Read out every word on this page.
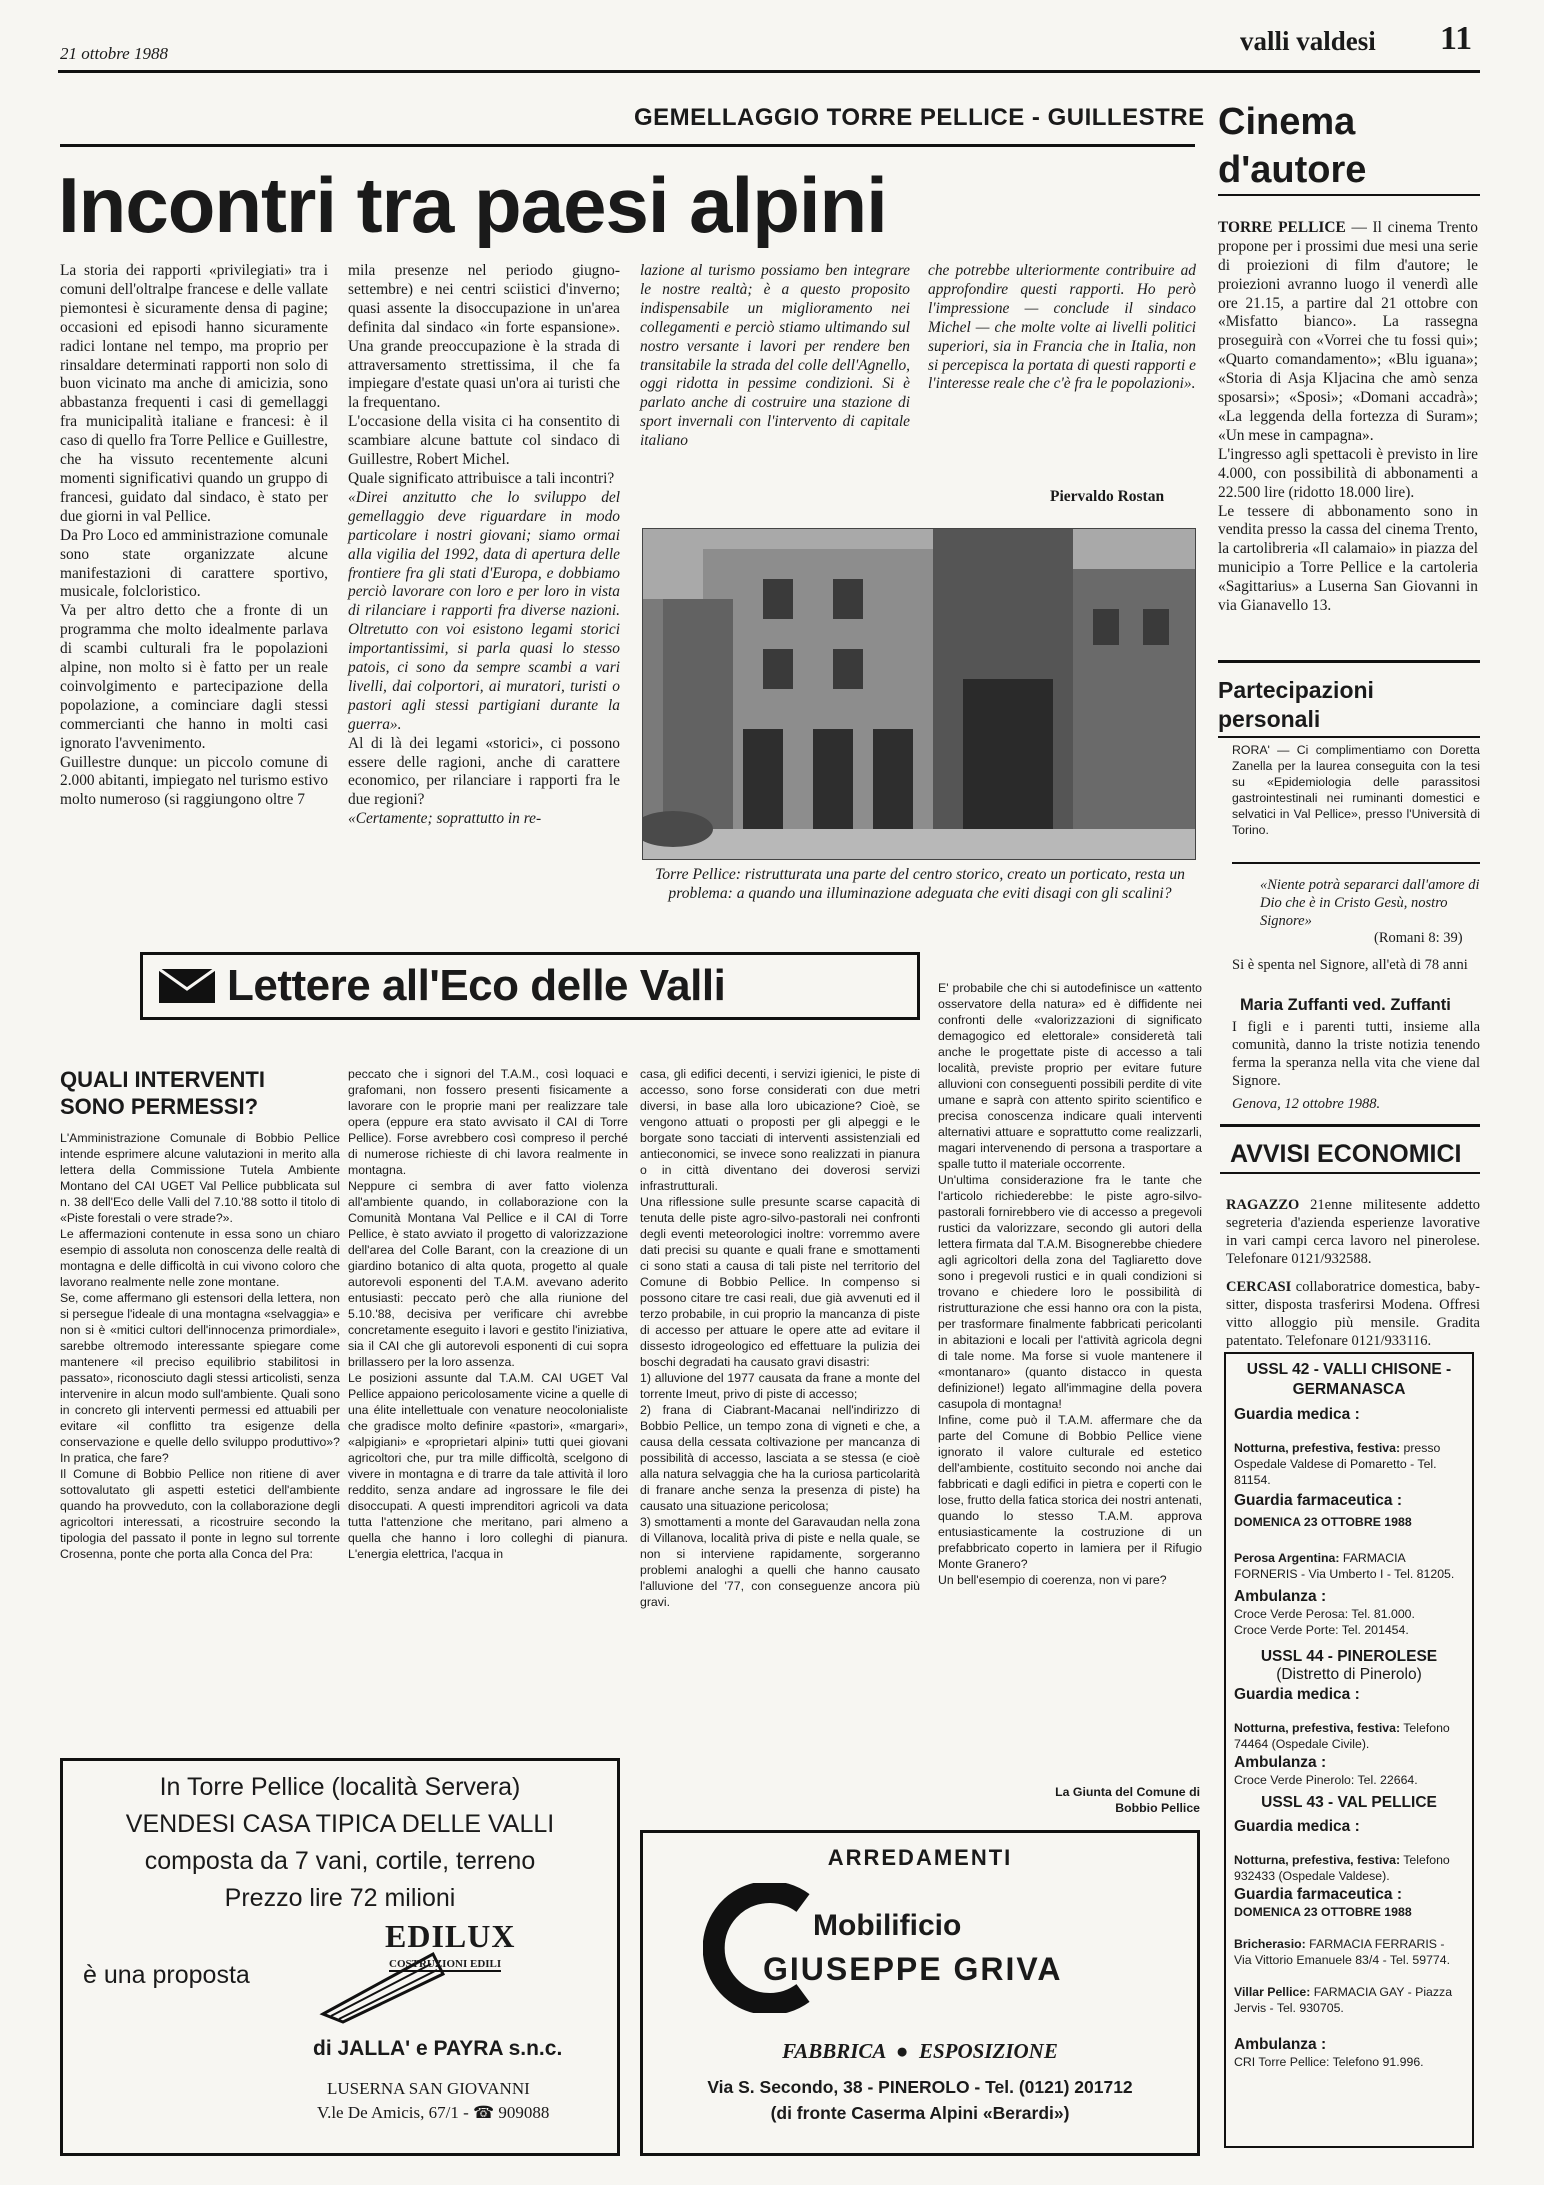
21 ottobre 1988	valli valdesi 11
GEMELLAGGIO TORRE PELLICE - GUILLESTRE
Incontri tra paesi alpini

La storia dei rapporti «privilegiati» tra i comuni dell'oltralpe francese e delle vallate piemontesi è sicuramente densa di pagine; occasioni ed episodi hanno sicuramente radici lontane nel tempo, ma proprio per rinsaldare determinati rapporti non solo di buon vicinato ma anche di amicizia, sono abbastanza frequenti i casi di gemellaggi fra municipalità italiane e francesi: è il caso di quello fra Torre Pellice e Guillestre, che ha vissuto recentemente alcuni momenti significativi quando un gruppo di francesi, guidato dal sindaco, è stato per due giorni in val Pellice.
Da Pro Loco ed amministrazione comunale sono state organizzate alcune manifestazioni di carattere sportivo, musicale, folcloristico.
Va per altro detto che a fronte di un programma che molto idealmente parlava di scambi culturali fra le popolazioni alpine, non molto si è fatto per un reale coinvolgimento e partecipazione della popolazione, a cominciare dagli stessi commercianti che hanno in molti casi ignorato l'avvenimento.
Guillestre dunque: un piccolo comune di 2.000 abitanti, impiegato nel turismo estivo molto numeroso (si raggiungono oltre 7

mila presenze nel periodo giugno-settembre) e nei centri sciistici d'inverno; quasi assente la disoccupazione in un'area definita dal sindaco «in forte espansione». Una grande preoccupazione è la strada di attraversamento strettissima, il che fa impiegare d'estate quasi un'ora ai turisti che la frequentano.
L'occasione della visita ci ha consentito di scambiare alcune battute col sindaco di Guillestre, Robert Michel.
Quale significato attribuisce a tali incontri?

«Direi anzitutto che lo sviluppo del gemellaggio deve riguardare in modo particolare i nostri giovani; siamo ormai alla vigilia del 1992, data di apertura delle frontiere fra gli stati d'Europa, e dobbiamo perciò lavorare con loro e per loro in vista di rilanciare i rapporti fra diverse nazioni. Oltretutto con voi esistono legami storici importantissimi, si parla quasi lo stesso patois, ci sono da sempre scambi a vari livelli, dai colportori, ai muratori, turisti o pastori agli stessi partigiani durante la guerra».

Al di là dei legami «storici», ci possono essere delle ragioni, anche di carattere economico, per rilanciare i rapporti fra le due regioni?

«Certamente; soprattutto in re-

lazione al turismo possiamo ben integrare le nostre realtà; è a questo proposito indispensabile un miglioramento nei collegamenti e perciò stiamo ultimando sul nostro versante i lavori per rendere ben transitabile la strada del colle dell'Agnello, oggi ridotta in pessime condizioni. Si è parlato anche di costruire una stazione di sport invernali con l'intervento di capitale italiano

che potrebbe ulteriormente contribuire ad approfondire questi rapporti. Ho però l'impressione — conclude il sindaco Michel — che molte volte ai livelli politici superiori, sia in Francia che in Italia, non si percepisca la portata di questi rapporti e l'interesse reale che c'è fra le popolazioni».

Piervaldo Rostan

Torre Pellice: ristrutturata una parte del centro storico, creato un porticato, resta un problema: a quando una illuminazione adeguata che eviti disagi con gli scalini?

Cinema d'autore

TORRE PELLICE — Il cinema Trento propone per i prossimi due mesi una serie di proiezioni di film d'autore; le proiezioni avranno luogo il venerdì alle ore 21.15, a partire dal 21 ottobre con «Misfatto bianco». La rassegna proseguirà con «Vorrei che tu fossi qui»; «Quarto comandamento»; «Blu iguana»; «Storia di Asja Kljacina che amò senza sposarsi»; «Sposi»; «Domani accadrà»; «La leggenda della fortezza di Suram»; «Un mese in campagna».
L'ingresso agli spettacoli è previsto in lire 4.000, con possibilità di abbonamenti a 22.500 lire (ridotto 18.000 lire).
Le tessere di abbonamento sono in vendita presso la cassa del cinema Trento, la cartolibreria «Il calamaio» in piazza del municipio a Torre Pellice e la cartoleria «Sagittarius» a Luserna San Giovanni in via Gianavello 13.

Partecipazioni personali

RORA' — Ci complimentiamo con Doretta Zanella per la laurea conseguita con la tesi su «Epidemiologia delle parassitosi gastrointestinali nei ruminanti domestici e selvatici in Val Pellice», presso l'Università di Torino.

«Niente potrà separarci dall'amore di Dio che è in Cristo Gesù, nostro Signore»

(Romani 8: 39)

Si è spenta nel Signore, all'età di 78 anni

Maria Zuffanti ved. Zuffanti

I figli e i parenti tutti, insieme alla comunità, danno la triste notizia tenendo ferma la speranza nella vita che viene dal Signore.

Genova, 12 ottobre 1988.
AVVISI ECONOMICI

RAGAZZO 21enne militesente addetto segreteria d'azienda esperienze lavorative in vari campi cerca lavoro nel pinerolese. Telefonare 0121/932588.

CERCASI collaboratrice domestica, baby-sitter, disposta trasferirsi Modena. Offresi vitto alloggio più mensile. Gradita patentato. Telefonare 0121/933116.

USSL 42 - VALLI CHISONE - GERMANASCA
Guardia medica :

Notturna, prefestiva, festiva: presso Ospedale Valdese di Pomaretto - Tel. 81154.

Guardia farmaceutica :
DOMENICA 23 OTTOBRE 1988

Perosa Argentina: FARMACIA FORNERIS - Via Umberto I - Tel. 81205.

Ambulanza :
Croce Verde Perosa: Tel. 81.000.
Croce Verde Porte: Tel. 201454.
USSL 44 - PINEROLESE
(Distretto di Pinerolo)
Guardia medica :

Notturna, prefestiva, festiva: Telefono 74464 (Ospedale Civile).

Ambulanza :
Croce Verde Pinerolo: Tel. 22664.
USSL 43 - VAL PELLICE
Guardia medica :

Notturna, prefestiva, festiva: Telefono 932433 (Ospedale Valdese).

Guardia farmaceutica :
DOMENICA 23 OTTOBRE 1988

Bricherasio: FARMACIA FERRARIS - Via Vittorio Emanuele 83/4 - Tel. 59774.

Villar Pellice: FARMACIA GAY - Piazza Jervis - Tel. 930705.

Ambulanza :
CRI Torre Pellice: Telefono 91.996.
Lettere all'Eco delle Valli
QUALI INTERVENTI SONO PERMESSI?

L'Amministrazione Comunale di Bobbio Pellice intende esprimere alcune valutazioni in merito alla lettera della Commissione Tutela Ambiente Montano del CAI UGET Val Pellice pubblicata sul n. 38 dell'Eco delle Valli del 7.10.'88 sotto il titolo di «Piste forestali o vere strade?».
Le affermazioni contenute in essa sono un chiaro esempio di assoluta non conoscenza delle realtà di montagna e delle difficoltà in cui vivono coloro che lavorano realmente nelle zone montane.
Se, come affermano gli estensori della lettera, non si persegue l'ideale di una montagna «selvaggia» e non si è «mitici cultori dell'innocenza primordiale», sarebbe oltremodo interessante spiegare come mantenere «il preciso equilibrio stabilitosi in passato», riconosciuto dagli stessi articolisti, senza intervenire in alcun modo sull'ambiente. Quali sono in concreto gli interventi permessi ed attuabili per evitare «il conflitto tra esigenze della conservazione e quelle dello sviluppo produttivo»? In pratica, che fare?
Il Comune di Bobbio Pellice non ritiene di aver sottovalutato gli aspetti estetici dell'ambiente quando ha provveduto, con la collaborazione degli agricoltori interessati, a ricostruire secondo la tipologia del passato il ponte in legno sul torrente Crosenna, ponte che porta alla Conca del Pra:

peccato che i signori del T.A.M., così loquaci e grafomani, non fossero presenti fisicamente a lavorare con le proprie mani per realizzare tale opera (eppure era stato avvisato il CAI di Torre Pellice). Forse avrebbero così compreso il perché di numerose richieste di chi lavora realmente in montagna.
Neppure ci sembra di aver fatto violenza all'ambiente quando, in collaborazione con la Comunità Montana Val Pellice e il CAI di Torre Pellice, è stato avviato il progetto di valorizzazione dell'area del Colle Barant, con la creazione di un giardino botanico di alta quota, progetto al quale autorevoli esponenti del T.A.M. avevano aderito entusiasti: peccato però che alla riunione del 5.10.'88, decisiva per verificare chi avrebbe concretamente eseguito i lavori e gestito l'iniziativa, sia il CAI che gli autorevoli esponenti di cui sopra brillassero per la loro assenza.
Le posizioni assunte dal T.A.M. CAI UGET Val Pellice appaiono pericolosamente vicine a quelle di una élite intellettuale con venature neocolonialiste che gradisce molto definire «pastori», «margari», «alpigiani» e «proprietari alpini» tutti quei giovani agricoltori che, pur tra mille difficoltà, scelgono di vivere in montagna e di trarre da tale attività il loro reddito, senza andare ad ingrossare le file dei disoccupati. A questi imprenditori agricoli va data tutta l'attenzione che meritano, pari almeno a quella che hanno i loro colleghi di pianura. L'energia elettrica, l'acqua in

casa, gli edifici decenti, i servizi igienici, le piste di accesso, sono forse considerati con due metri diversi, in base alla loro ubicazione? Cioè, se vengono attuati o proposti per gli alpeggi e le borgate sono tacciati di interventi assistenziali ed antieconomici, se invece sono realizzati in pianura o in città diventano dei doverosi servizi infrastrutturali.
Una riflessione sulle presunte scarse capacità di tenuta delle piste agro-silvo-pastorali nei confronti degli eventi meteorologici inoltre: vorremmo avere dati precisi su quante e quali frane e smottamenti ci sono stati a causa di tali piste nel territorio del Comune di Bobbio Pellice. In compenso si possono citare tre casi reali, due già avvenuti ed il terzo probabile, in cui proprio la mancanza di piste di accesso per attuare le opere atte ad evitare il dissesto idrogeologico ed effettuare la pulizia dei boschi degradati ha causato gravi disastri:
1) alluvione del 1977 causata da frane a monte del torrente Imeut, privo di piste di accesso;
2) frana di Ciabrant-Macanai nell'indirizzo di Bobbio Pellice, un tempo zona di vigneti e che, a causa della cessata coltivazione per mancanza di possibilità di accesso, lasciata a se stessa (e cioè alla natura selvaggia che ha la curiosa particolarità di franare anche senza la presenza di piste) ha causato una situazione pericolosa;
3) smottamenti a monte del Garavaudan nella zona di Villanova, località priva di piste e nella quale, se non si interviene rapidamente, sorgeranno problemi analoghi a quelli che hanno causato l'alluvione del '77, con conseguenze ancora più gravi.

E' probabile che chi si autodefinisce un «attento osservatore della natura» ed è diffidente nei confronti delle «valorizzazioni di significato demagogico ed elettorale» consideretà tali anche le progettate piste di accesso a tali località, previste proprio per evitare future alluvioni con conseguenti possibili perdite di vite umane e saprà con attento spirito scientifico e precisa conoscenza indicare quali interventi alternativi attuare e soprattutto come realizzarli, magari intervenendo di persona a trasportare a spalle tutto il materiale occorrente.
Un'ultima considerazione fra le tante che l'articolo richiederebbe: le piste agro-silvo-pastorali fornirebbero vie di accesso a pregevoli rustici da valorizzare, secondo gli autori della lettera firmata dal T.A.M. Bisognerebbe chiedere agli agricoltori della zona del Tagliaretto dove sono i pregevoli rustici e in quali condizioni si trovano e chiedere loro le possibilità di ristrutturazione che essi hanno ora con la pista, per trasformare finalmente fabbricati pericolanti in abitazioni e locali per l'attività agricola degni di tale nome. Ma forse si vuole mantenere il «montanaro» (quanto distacco in questa definizione!) legato all'immagine della povera casupola di montagna!
Infine, come può il T.A.M. affermare che da parte del Comune di Bobbio Pellice viene ignorato il valore culturale ed estetico dell'ambiente, costituito secondo noi anche dai fabbricati e dagli edifici in pietra e coperti con le lose, frutto della fatica storica dei nostri antenati, quando lo stesso T.A.M. approva entusiasticamente la costruzione di un prefabbricato coperto in lamiera per il Rifugio Monte Granero?
Un bell'esempio di coerenza, non vi pare?

La Giunta del Comune di
Bobbio Pellice

In Torre Pellice (località Servera)
VENDESI CASA TIPICA DELLE VALLI
composta da 7 vani, cortile, terreno
Prezzo lire 72 milioni
è una proposta
EDILUX
COSTRUZIONI EDILI
di JALLA' e PAYRA s.n.c.
LUSERNA SAN GIOVANNI
V.le De Amicis, 67/1 - ☎ 909088
ARREDAMENTI
Mobilificio
GIUSEPPE GRIVA
FABBRICA  ●  ESPOSIZIONE
Via S. Secondo, 38 - PINEROLO - Tel. (0121) 201712
(di fronte Caserma Alpini «Berardi»)
